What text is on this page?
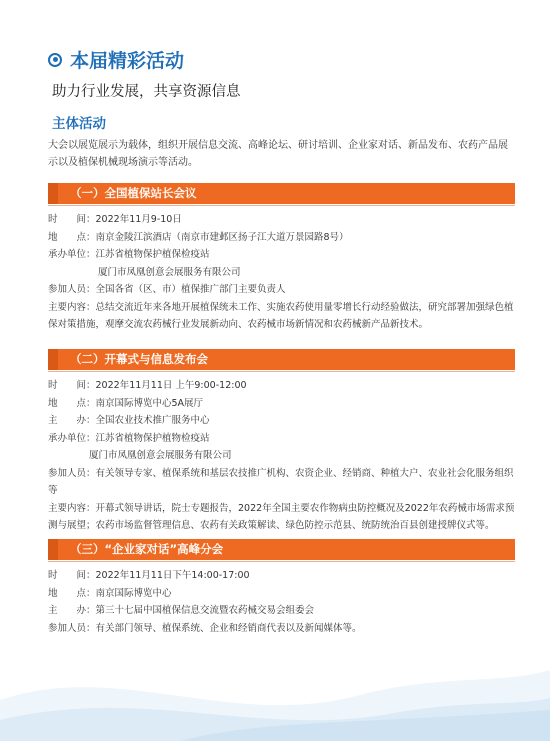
本届精彩活动
助力行业发展，共享资源信息
主体活动
大会以展览展示为载体，组织开展信息交流、高峰论坛、研讨培训、企业家对话、新品发布、农药产品展示以及植保机械现场演示等活动。
（一）全国植保站长会议
时　　间： 2022年11月9-10日
地　　点： 南京金陵江滨酒店（南京市建邺区扬子江大道万景园路8号）
承办单位： 江苏省植物保护植保检疫站
厦门市凤凰创意会展服务有限公司
参加人员： 全国各省（区、市）植保推广部门主要负责人
主要内容：总结交流近年来各地开展植保统未工作、实施农药使用量零增长行动经验做法，研究部署加强绿色植保对策措施，观摩交流农药械行业发展新动向、农药械市场新情况和农药械新产品新技术。
（二）开幕式与信息发布会
时　　间： 2022年11月11日 上午9:00-12:00
地　　点： 南京国际博览中心5A展厅
主　　办： 全国农业技术推广服务中心
承办单位： 江苏省植物保护植物检疫站
厦门市凤凰创意会展服务有限公司
参加人员：有关领导专家、植保系统和基层农技推广机构、农资企业、经销商、种植大户、农业社会化服务组织等
主要内容：开幕式领导讲话，院士专题报告，2022年全国主要农作物病虫防控概况及2022年农药械市场需求预测与展望；农药市场监督管理信息、农药有关政策解读、绿色防控示范县、统防统治百县创建授牌仪式等。
（三）“企业家对话”高峰分会
时　　间： 2022年11月11日下午14:00-17:00
地　　点： 南京国际博览中心
主　　办： 第三十七届中国植保信息交流暨农药械交易会组委会
参加人员： 有关部门领导、植保系统、企业和经销商代表以及新闻媒体等。
